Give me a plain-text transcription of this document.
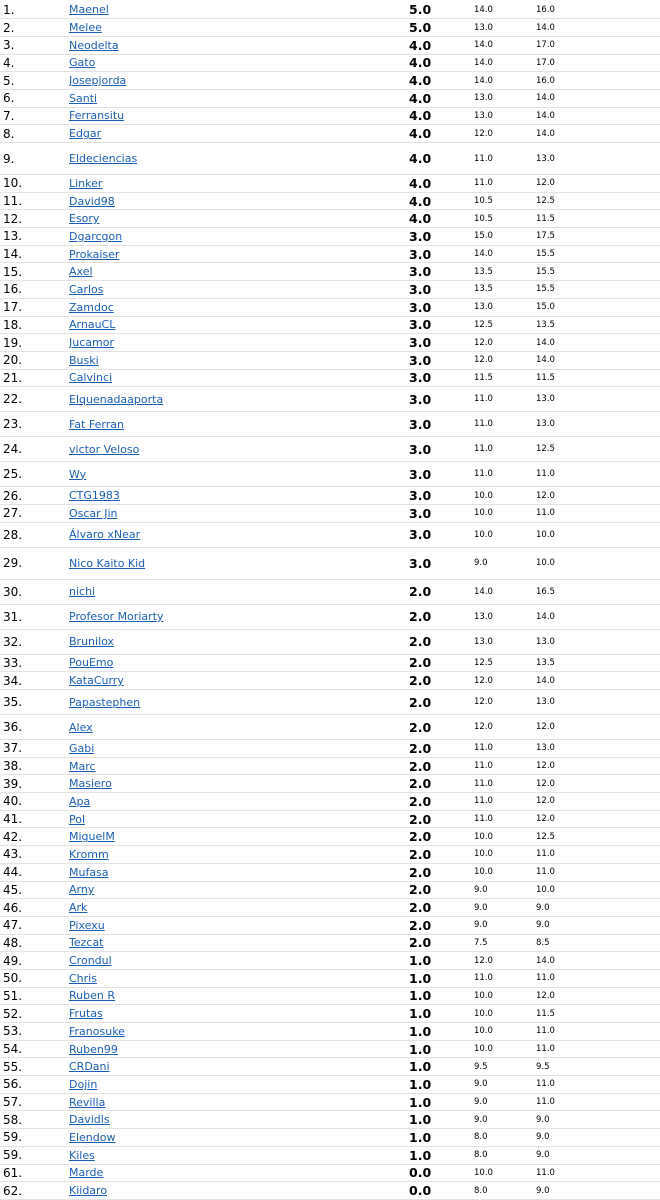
1.	Maenel	5.0	14.0	16.0
2.	Melee	5.0	13.0	14.0
3.	Neodelta	4.0	14.0	17.0
4.	Gato	4.0	14.0	17.0
5.	Josepjorda	4.0	14.0	16.0
6.	Santi	4.0	13.0	14.0
7.	Ferransitu	4.0	13.0	14.0
8.	Edgar	4.0	12.0	14.0
9.	Eldeciencias	4.0	11.0	13.0
10.	Linker	4.0	11.0	12.0
11.	David98	4.0	10.5	12.5
12.	Esory	4.0	10.5	11.5
13.	Dgarcgon	3.0	15.0	17.5
14.	Prokaiser	3.0	14.0	15.5
15.	Axel	3.0	13.5	15.5
16.	Carlos	3.0	13.5	15.5
17.	Zamdoc	3.0	13.0	15.0
18.	ArnauCL	3.0	12.5	13.5
19.	Jucamor	3.0	12.0	14.0
20.	Buski	3.0	12.0	14.0
21.	Calvinci	3.0	11.5	11.5
22.	Elquenadaaporta	3.0	11.0	13.0
23.	Fat Ferran	3.0	11.0	13.0
24.	victor Veloso	3.0	11.0	12.5
25.	Wy	3.0	11.0	11.0
26.	CTG1983	3.0	10.0	12.0
27.	Oscar Jin	3.0	10.0	11.0
28.	Álvaro xNear	3.0	10.0	10.0
29.	Nico Kaito Kid	3.0	9.0	10.0
30.	nichi	2.0	14.0	16.5
31.	Profesor Moriarty	2.0	13.0	14.0
32.	Brunilox	2.0	13.0	13.0
33.	PouEmo	2.0	12.5	13.5
34.	KataCurry	2.0	12.0	14.0
35.	Papastephen	2.0	12.0	13.0
36.	Alex	2.0	12.0	12.0
37.	Gabi	2.0	11.0	13.0
38.	Marc	2.0	11.0	12.0
39.	Masiero	2.0	11.0	12.0
40.	Apa	2.0	11.0	12.0
41.	Pol	2.0	11.0	12.0
42.	MiguelM	2.0	10.0	12.5
43.	Kromm	2.0	10.0	11.0
44.	Mufasa	2.0	10.0	11.0
45.	Arny	2.0	9.0	10.0
46.	Ark	2.0	9.0	9.0
47.	Pixexu	2.0	9.0	9.0
48.	Tezcat	2.0	7.5	8.5
49.	Crondul	1.0	12.0	14.0
50.	Chris	1.0	11.0	11.0
51.	Ruben R	1.0	10.0	12.0
52.	Frutas	1.0	10.0	11.5
53.	Franosuke	1.0	10.0	11.0
54.	Ruben99	1.0	10.0	11.0
55.	CRDani	1.0	9.5	9.5
56.	Dojin	1.0	9.0	11.0
57.	Revilla	1.0	9.0	11.0
58.	Davidls	1.0	9.0	9.0
59.	Elendow	1.0	8.0	9.0
59.	Kiles	1.0	8.0	9.0
61.	Marde	0.0	10.0	11.0
62.	Kiidaro	0.0	8.0	9.0
